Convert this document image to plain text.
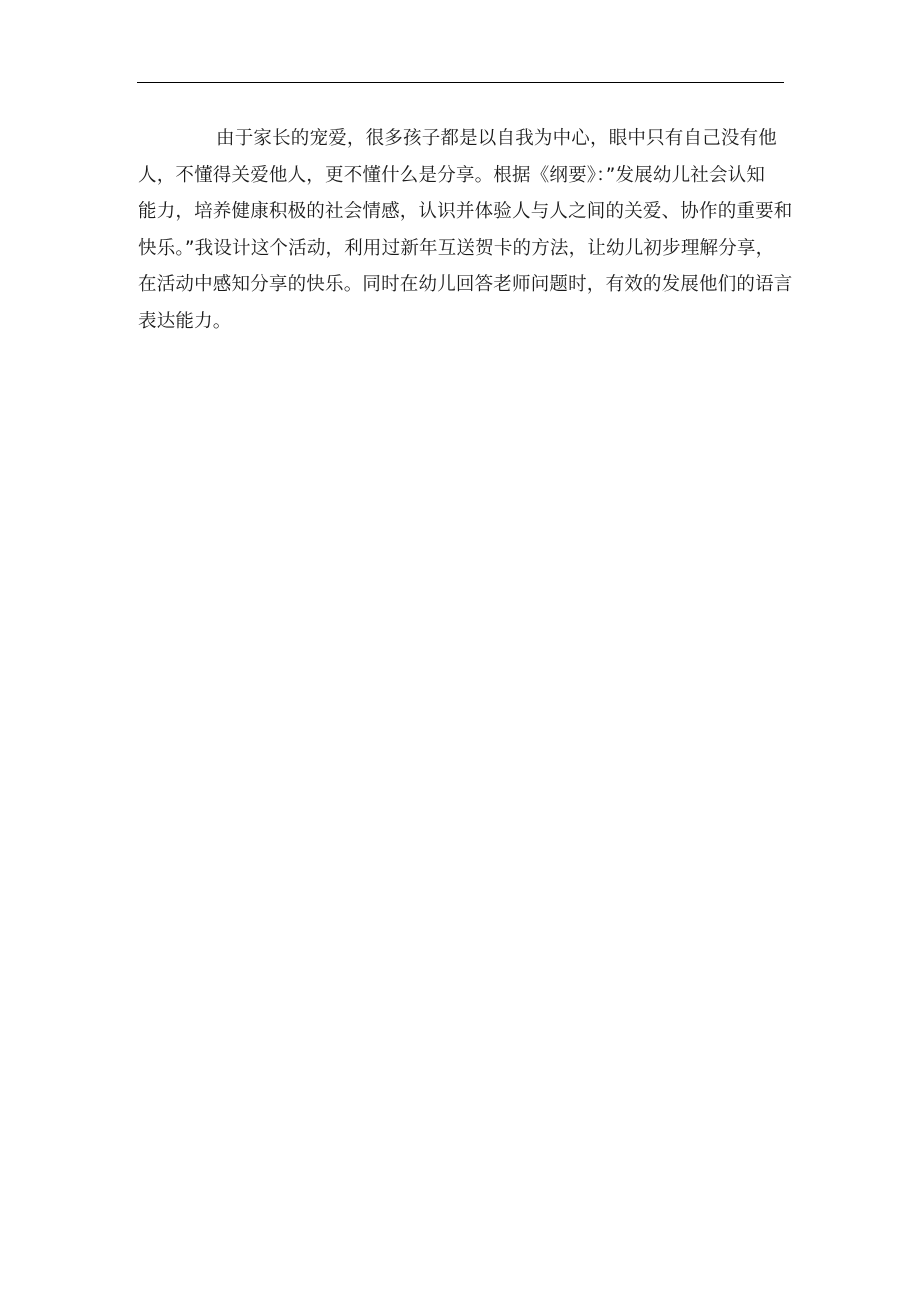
由于家长的宠爱，很多孩子都是以自我为中心，眼中只有自己没有他
人，不懂得关爱他人，更不懂什么是分享。根据《纲要》：”发展幼儿社会认知
能力，培养健康积极的社会情感，认识并体验人与人之间的关爱、协作的重要和
快乐。”我设计这个活动，利用过新年互送贺卡的方法，让幼儿初步理解分享，
在活动中感知分享的快乐。同时在幼儿回答老师问题时，有效的发展他们的语言
表达能力。
